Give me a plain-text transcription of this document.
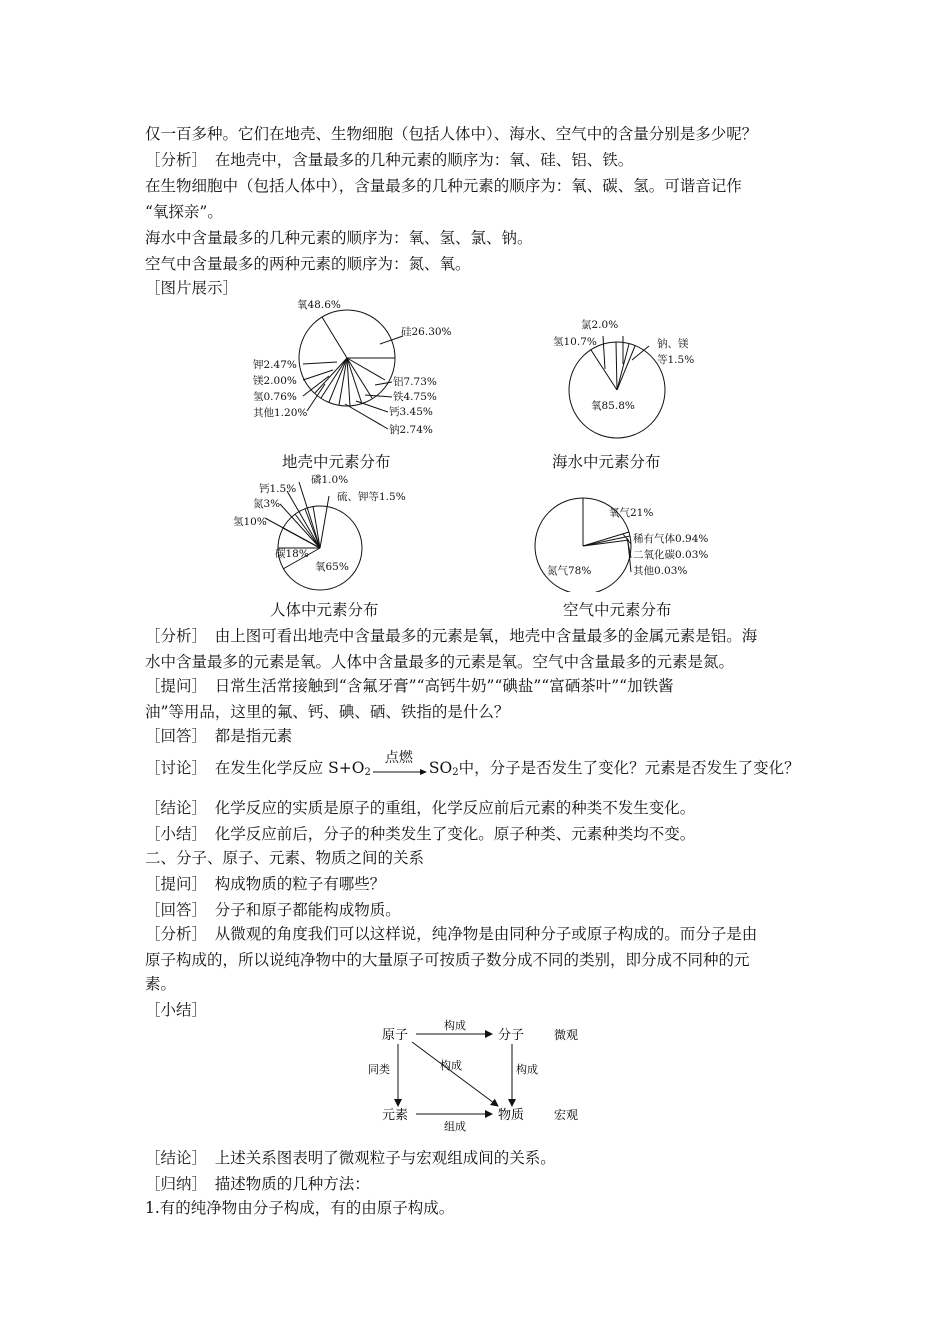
仅一百多种。它们在地壳、生物细胞（包括人体中）、海水、空气中的含量分别是多少呢？
［分析］　在地壳中，含量最多的几种元素的顺序为：氧、硅、铝、铁。
在生物细胞中（包括人体中），含量最多的几种元素的顺序为：氧、碳、氢。可谐音记作
“氧探亲”。
海水中含量最多的几种元素的顺序为：氧、氢、氯、钠。
空气中含量最多的两种元素的顺序为：氮、氧。
［图片展示］
氧48.6%
硅26.30%
铝7.73%
铁4.75%
钙3.45%
钠2.74%
钾2.47%
镁2.00%
氢0.76%
其他1.20%
氯2.0%
氢10.7%	钠、镁
等1.5%
氧85.8%
磷1.0%
钙1.5%
氮3%
硫、钾等1.5%
氢10%
碳18%
氧65%
氧气21%
稀有气体0.94%
二氧化碳0.03%
其他0.03%
氮气78%
地壳中元素分布	海水中元素分布
人体中元素分布	空气中元素分布
［分析］　由上图可看出地壳中含量最多的元素是氧，地壳中含量最多的金属元素是铝。海
水中含量最多的元素是氧。人体中含量最多的元素是氧。空气中含量最多的元素是氮。
［提问］　日常生活常接触到“含氟牙膏”“高钙牛奶”“碘盐”“富硒茶叶”“加铁酱
油”等用品，这里的氟、钙、碘、硒、铁指的是什么？
［回答］　都是指元素
［讨论］　在发生化学反应 $S+O_2$
点燃
$SO_2$中，分子是否发生了变化？元素是否发生了变化？
［结论］　化学反应的实质是原子的重组，化学反应前后元素的种类不发生变化。
［小结］　化学反应前后，分子的种类发生了变化。原子种类、元素种类均不变。
二、分子、原子、元素、物质之间的关系
［提问］　构成物质的粒子有哪些？
［回答］　分子和原子都能构成物质。
［分析］　从微观的角度我们可以这样说，纯净物是由同种分子或原子构成的。而分子是由
原子构成的，所以说纯净物中的大量原子可按质子数分成不同的类别，即分成不同种的元
素。
［小结］
原子	分子 微观
元素	物质 宏观
构成
构成	构成
同类
组成
［结论］　上述关系图表明了微观粒子与宏观组成间的关系。
［归纳］　描述物质的几种方法：
1.有的纯净物由分子构成，有的由原子构成。
